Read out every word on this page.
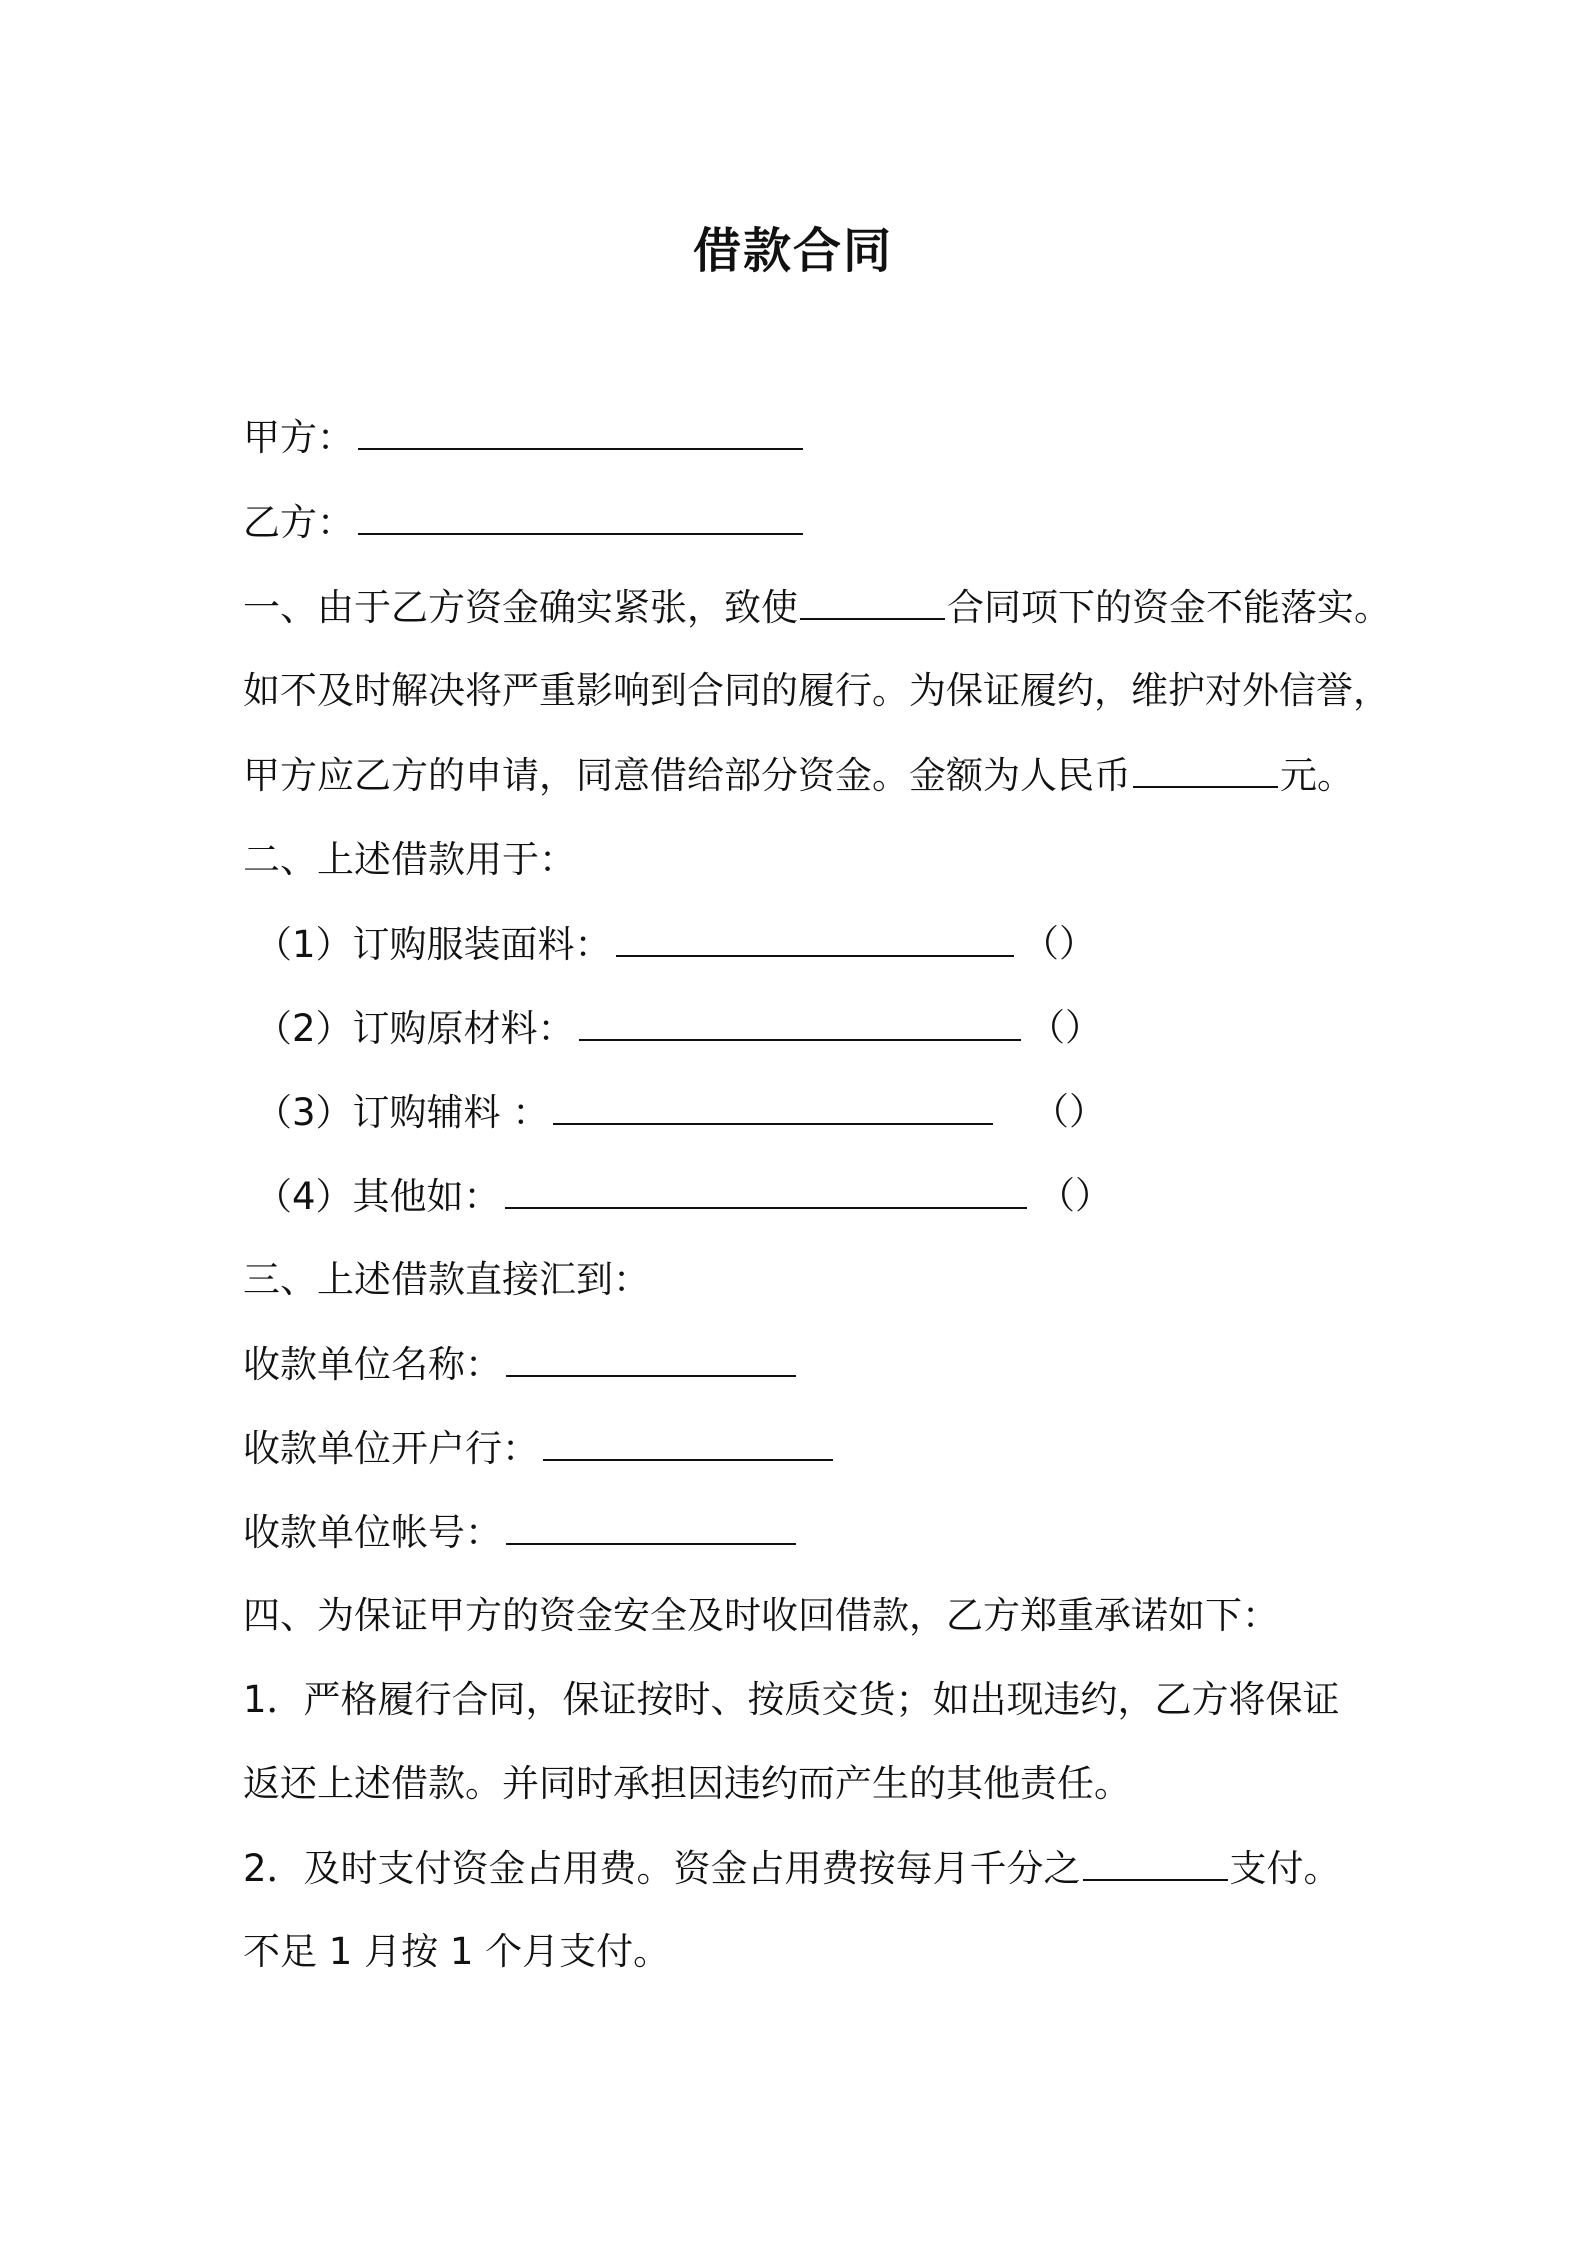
借款合同
甲方：
乙方：
一、由于乙方资金确实紧张，致使	合同项下的资金不能落实。
如不及时解决将严重影响到合同的履行。为保证履约，维护对外信誉，
甲方应乙方的申请，同意借给部分资金。金额为人民币	元。
二、上述借款用于：
（1）订购服装面料：	（）
（2）订购原材料：	（）
（3）订购辅料 ：	（）
（4）其他如：	（）
三、上述借款直接汇到：
收款单位名称：
收款单位开户行：
收款单位帐号：
四、为保证甲方的资金安全及时收回借款，乙方郑重承诺如下：
1．严格履行合同，保证按时、按质交货；如出现违约，乙方将保证
返还上述借款。并同时承担因违约而产生的其他责任。
2．及时支付资金占用费。资金占用费按每月千分之	支付。
不足 1 月按 1 个月支付。
